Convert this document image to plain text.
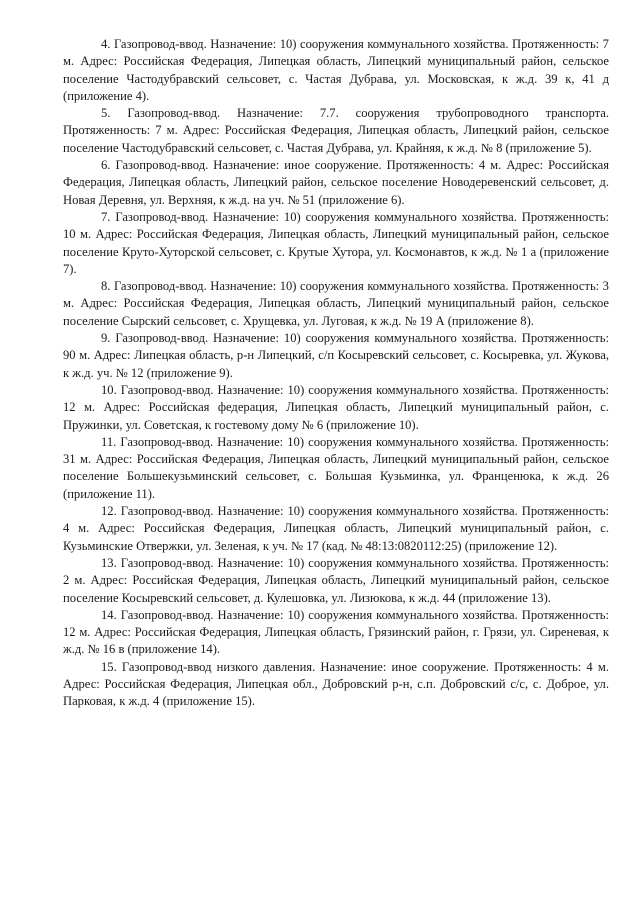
4. Газопровод-ввод. Назначение: 10) сооружения коммунального хозяйства. Протяженность: 7 м. Адрес: Российская Федерация, Липецкая область, Липецкий муниципальный район, сельское поселение Частодубравский сельсовет, с. Частая Дубрава, ул. Московская, к ж.д. 39 к, 41 д (приложение 4).

5. Газопровод-ввод. Назначение: 7.7. сооружения трубопроводного транспорта. Протяженность: 7 м. Адрес: Российская Федерация, Липецкая область, Липецкий район, сельское поселение Частодубравский сельсовет, с. Частая Дубрава, ул. Крайняя, к ж.д. № 8 (приложение 5).

6. Газопровод-ввод. Назначение: иное сооружение. Протяженность: 4 м. Адрес: Российская Федерация, Липецкая область, Липецкий район, сельское поселение Новодеревенский сельсовет, д. Новая Деревня, ул. Верхняя, к ж.д. на уч. № 51 (приложение 6).

7. Газопровод-ввод. Назначение: 10) сооружения коммунального хозяйства. Протяженность: 10 м. Адрес: Российская Федерация, Липецкая область, Липецкий муниципальный район, сельское поселение Круто-Хуторской сельсовет, с. Крутые Хутора, ул. Космонавтов, к ж.д. № 1 а (приложение 7).

8. Газопровод-ввод. Назначение: 10) сооружения коммунального хозяйства. Протяженность: 3 м. Адрес: Российская Федерация, Липецкая область, Липецкий муниципальный район, сельское поселение Сырский сельсовет, с. Хрущевка, ул. Луговая, к ж.д. № 19 А (приложение 8).

9. Газопровод-ввод. Назначение: 10) сооружения коммунального хозяйства. Протяженность: 90 м. Адрес: Липецкая область, р-н Липецкий, с/п Косыревский сельсовет, с. Косыревка, ул. Жукова, к ж.д. уч. № 12 (приложение 9).

10. Газопровод-ввод. Назначение: 10) сооружения коммунального хозяйства. Протяженность: 12 м. Адрес: Российская федерация, Липецкая область, Липецкий муниципальный район, с. Пружинки, ул. Советская, к гостевому дому № 6 (приложение 10).

11. Газопровод-ввод. Назначение: 10) сооружения коммунального хозяйства. Протяженность: 31 м. Адрес: Российская Федерация, Липецкая область, Липецкий муниципальный район, сельское поселение Большекузьминский сельсовет, с. Большая Кузьминка, ул. Франценюка, к ж.д. 26 (приложение 11).

12. Газопровод-ввод. Назначение: 10) сооружения коммунального хозяйства. Протяженность: 4 м. Адрес: Российская Федерация, Липецкая область, Липецкий муниципальный район, с. Кузьминские Отвержки, ул. Зеленая, к уч. № 17 (кад. № 48:13:0820112:25) (приложение 12).

13. Газопровод-ввод. Назначение: 10) сооружения коммунального хозяйства. Протяженность: 2 м. Адрес: Российская Федерация, Липецкая область, Липецкий муниципальный район, сельское поселение Косыревский сельсовет, д. Кулешовка, ул. Лизюкова, к ж.д. 44 (приложение 13).

14. Газопровод-ввод. Назначение: 10) сооружения коммунального хозяйства. Протяженность: 12 м. Адрес: Российская Федерация, Липецкая область, Грязинский район, г. Грязи, ул. Сиреневая, к ж.д. № 16 в (приложение 14).

15. Газопровод-ввод низкого давления. Назначение: иное сооружение. Протяженность: 4 м. Адрес: Российская Федерация, Липецкая обл., Добровский р-н, с.п. Добровский с/с, с. Доброе, ул. Парковая, к ж.д. 4 (приложение 15).
